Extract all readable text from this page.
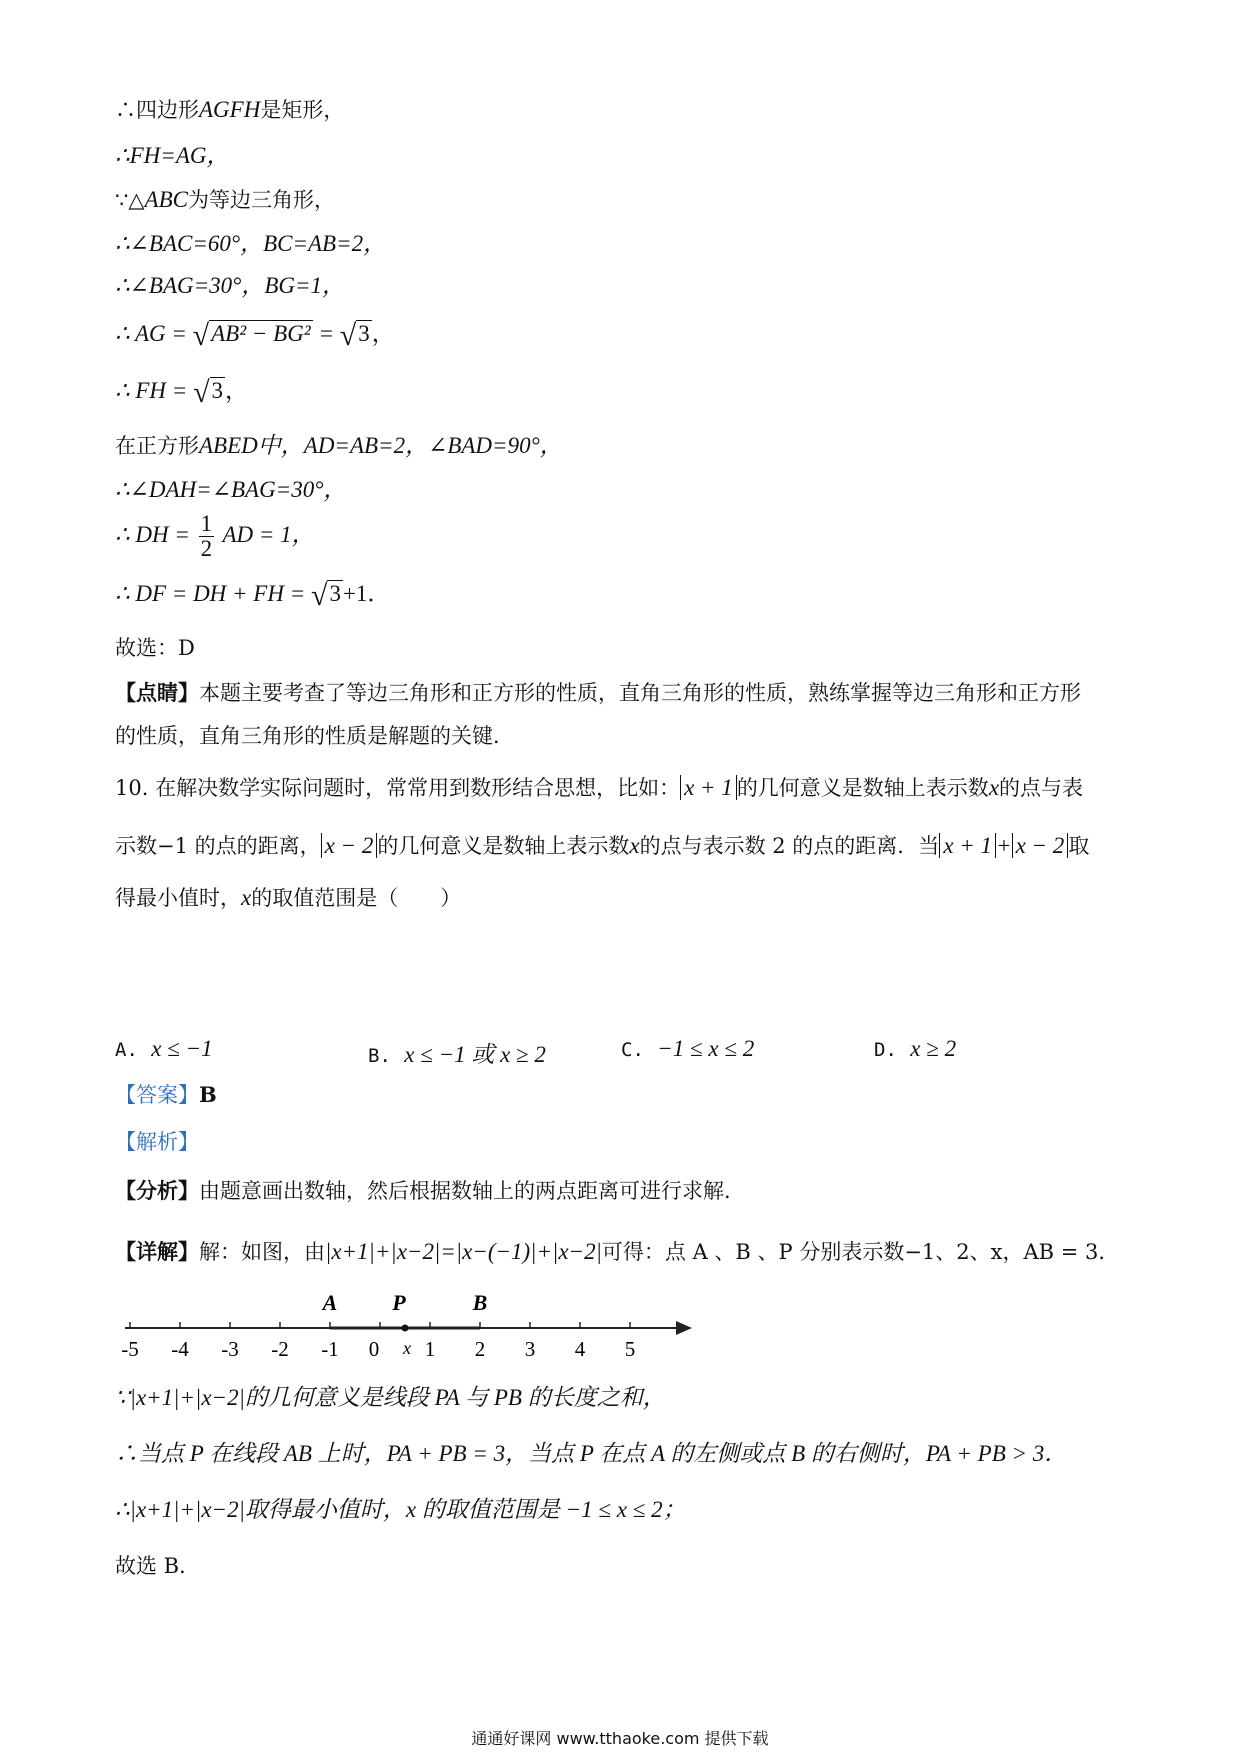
∴四边形AGFH是矩形，
∴FH=AG，
∵△ABC为等边三角形，
∴∠BAC=60°，BC=AB=2，
∴∠BAG=30°，BG=1，
∴ AG = √AB² − BG² = √3，
∴ FH = √3，
在正方形ABED中，AD=AB=2，∠BAD=90°，
∴∠DAH=∠BAG=30°，
∴ DH = $\frac{1}{2}$ AD = 1，
∴ DF = DH + FH = √3+1．
故选：D
【点睛】本题主要考查了等边三角形和正方形的性质，直角三角形的性质，熟练掌握等边三角形和正方形
的性质，直角三角形的性质是解题的关键．
10. 在解决数学实际问题时，常常用到数形结合思想，比如： x + 1 的几何意义是数轴上表示数x的点与表
示数−1 的点的距离， x − 2 的几何意义是数轴上表示数x的点与表示数 2 的点的距离．当 x + 1 + x − 2 取
得最小值时，x的取值范围是（　　）
A. x ≤ −1	B. x ≤ −1 或 x ≥ 2	C. −1 ≤ x ≤ 2	D. x ≥ 2
【答案】B
【解析】
【分析】由题意画出数轴，然后根据数轴上的两点距离可进行求解．
【详解】解：如图，由|x+1|+|x−2|=|x−(−1)|+|x−2|可得：点 A 、B 、P 分别表示数−1、2、x，AB = 3．
A P	B
x
-5 -4 -3 -2 -1 0 1 2 3 4 5
∵|x+1|+|x−2|的几何意义是线段 PA 与 PB 的长度之和，
∴当点 P 在线段 AB 上时，PA + PB = 3，当点 P 在点 A 的左侧或点 B 的右侧时，PA + PB > 3．
∴|x+1|+|x−2|取得最小值时，x 的取值范围是 −1 ≤ x ≤ 2；
故选 B．
通通好课网 www.tthaoke.com 提供下载
